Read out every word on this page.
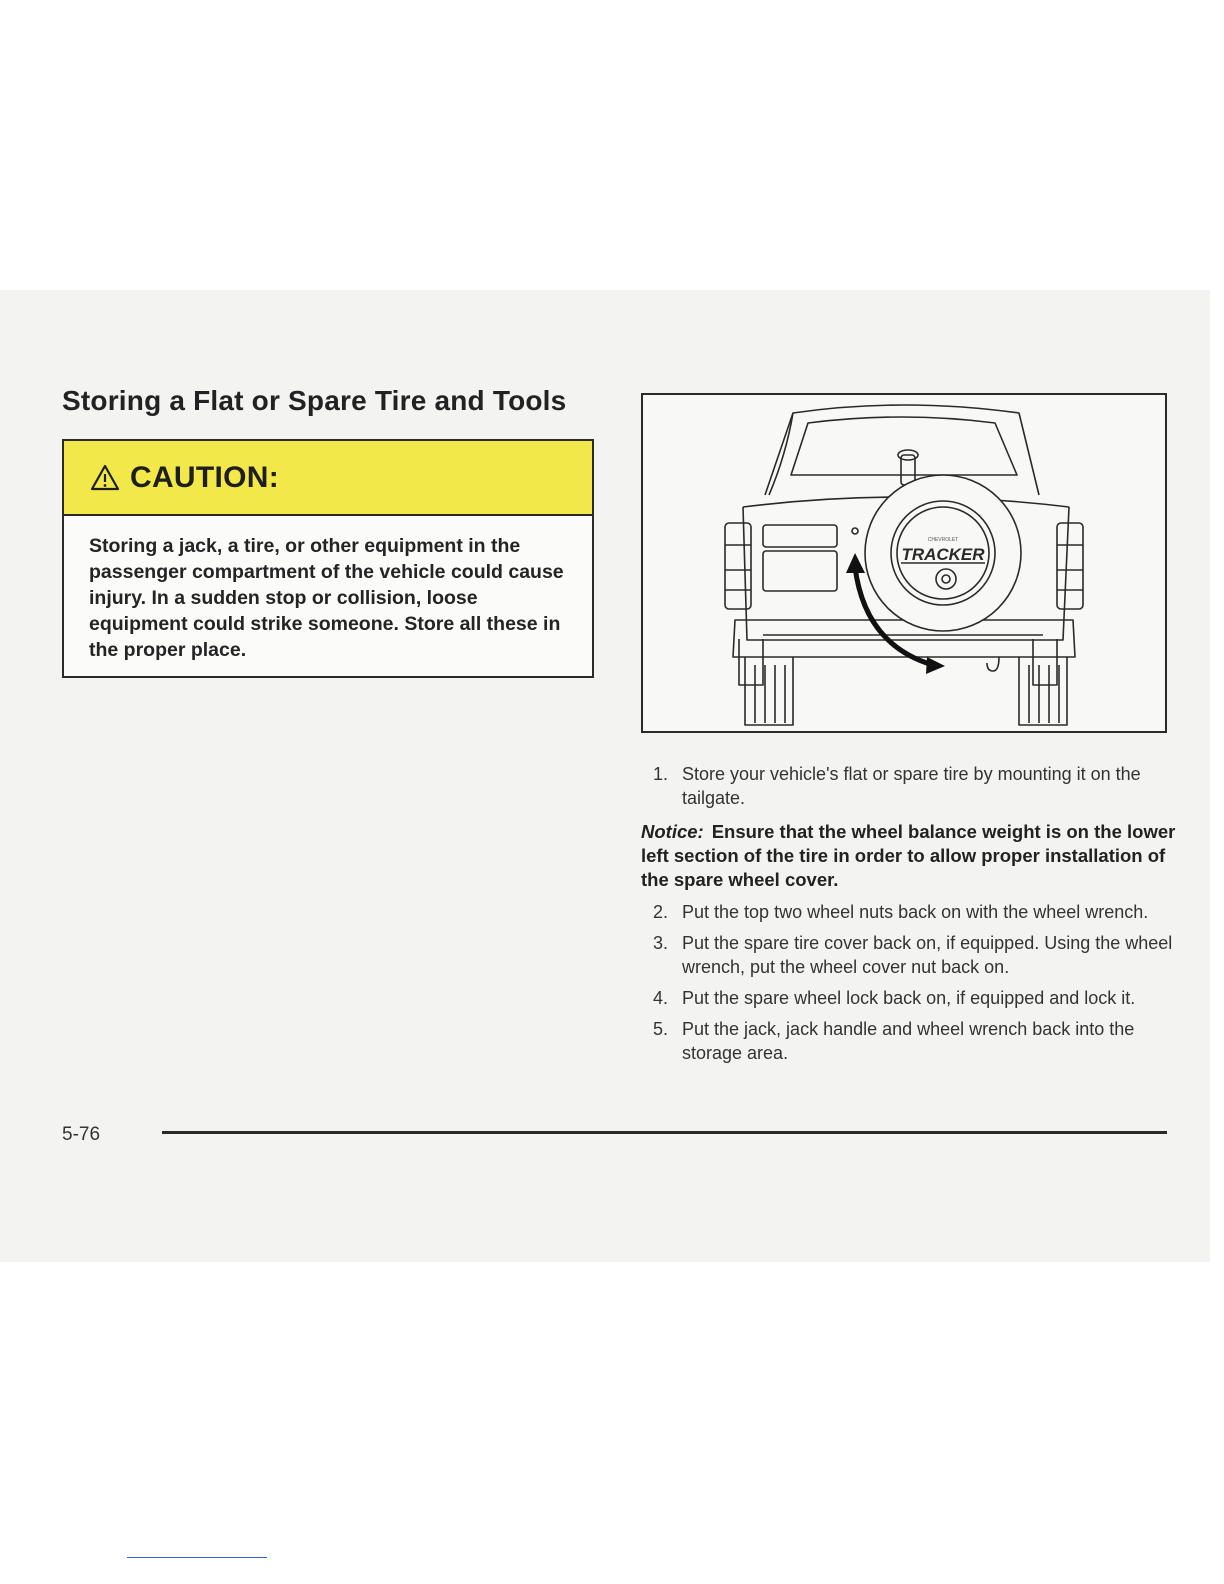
Storing a Flat or Spare Tire and Tools
CAUTION:

Storing a jack, a tire, or other equipment in the passenger compartment of the vehicle could cause injury. In a sudden stop or collision, loose equipment could strike someone. Store all these in the proper place.

TRACKER
CHEVROLET
1. Store your vehicle's flat or spare tire by mounting it on the tailgate.
Notice: Ensure that the wheel balance weight is on the lower left section of the tire in order to allow proper installation of the spare wheel cover.
2. Put the top two wheel nuts back on with the wheel wrench.
3. Put the spare tire cover back on, if equipped. Using the wheel wrench, put the wheel cover nut back on.
4. Put the spare wheel lock back on, if equipped and lock it.
5. Put the jack, jack handle and wheel wrench back into the storage area.
5-76
